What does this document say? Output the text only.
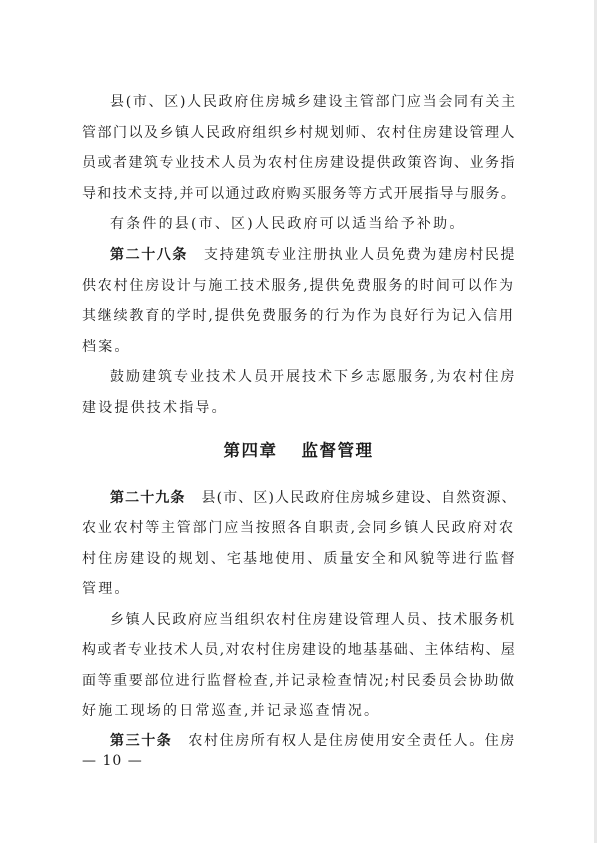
县(市、区)人民政府住房城乡建设主管部门应当会同有关主
管部门以及乡镇人民政府组织乡村规划师、农村住房建设管理人
员或者建筑专业技术人员为农村住房建设提供政策咨询、业务指
导和技术支持,并可以通过政府购买服务等方式开展指导与服务。
有条件的县(市、区)人民政府可以适当给予补助。
第二十八条 支持建筑专业注册执业人员免费为建房村民提
供农村住房设计与施工技术服务,提供免费服务的时间可以作为
其继续教育的学时,提供免费服务的行为作为良好行为记入信用
档案。
鼓励建筑专业技术人员开展技术下乡志愿服务,为农村住房
建设提供技术指导。
第四章 监督管理
第二十九条 县(市、区)人民政府住房城乡建设、自然资源、
农业农村等主管部门应当按照各自职责,会同乡镇人民政府对农
村住房建设的规划、宅基地使用、质量安全和风貌等进行监督
管理。
乡镇人民政府应当组织农村住房建设管理人员、技术服务机
构或者专业技术人员,对农村住房建设的地基基础、主体结构、屋
面等重要部位进行监督检查,并记录检查情况;村民委员会协助做
好施工现场的日常巡查,并记录巡查情况。
第三十条 农村住房所有权人是住房使用安全责任人。住房
— 10 —
